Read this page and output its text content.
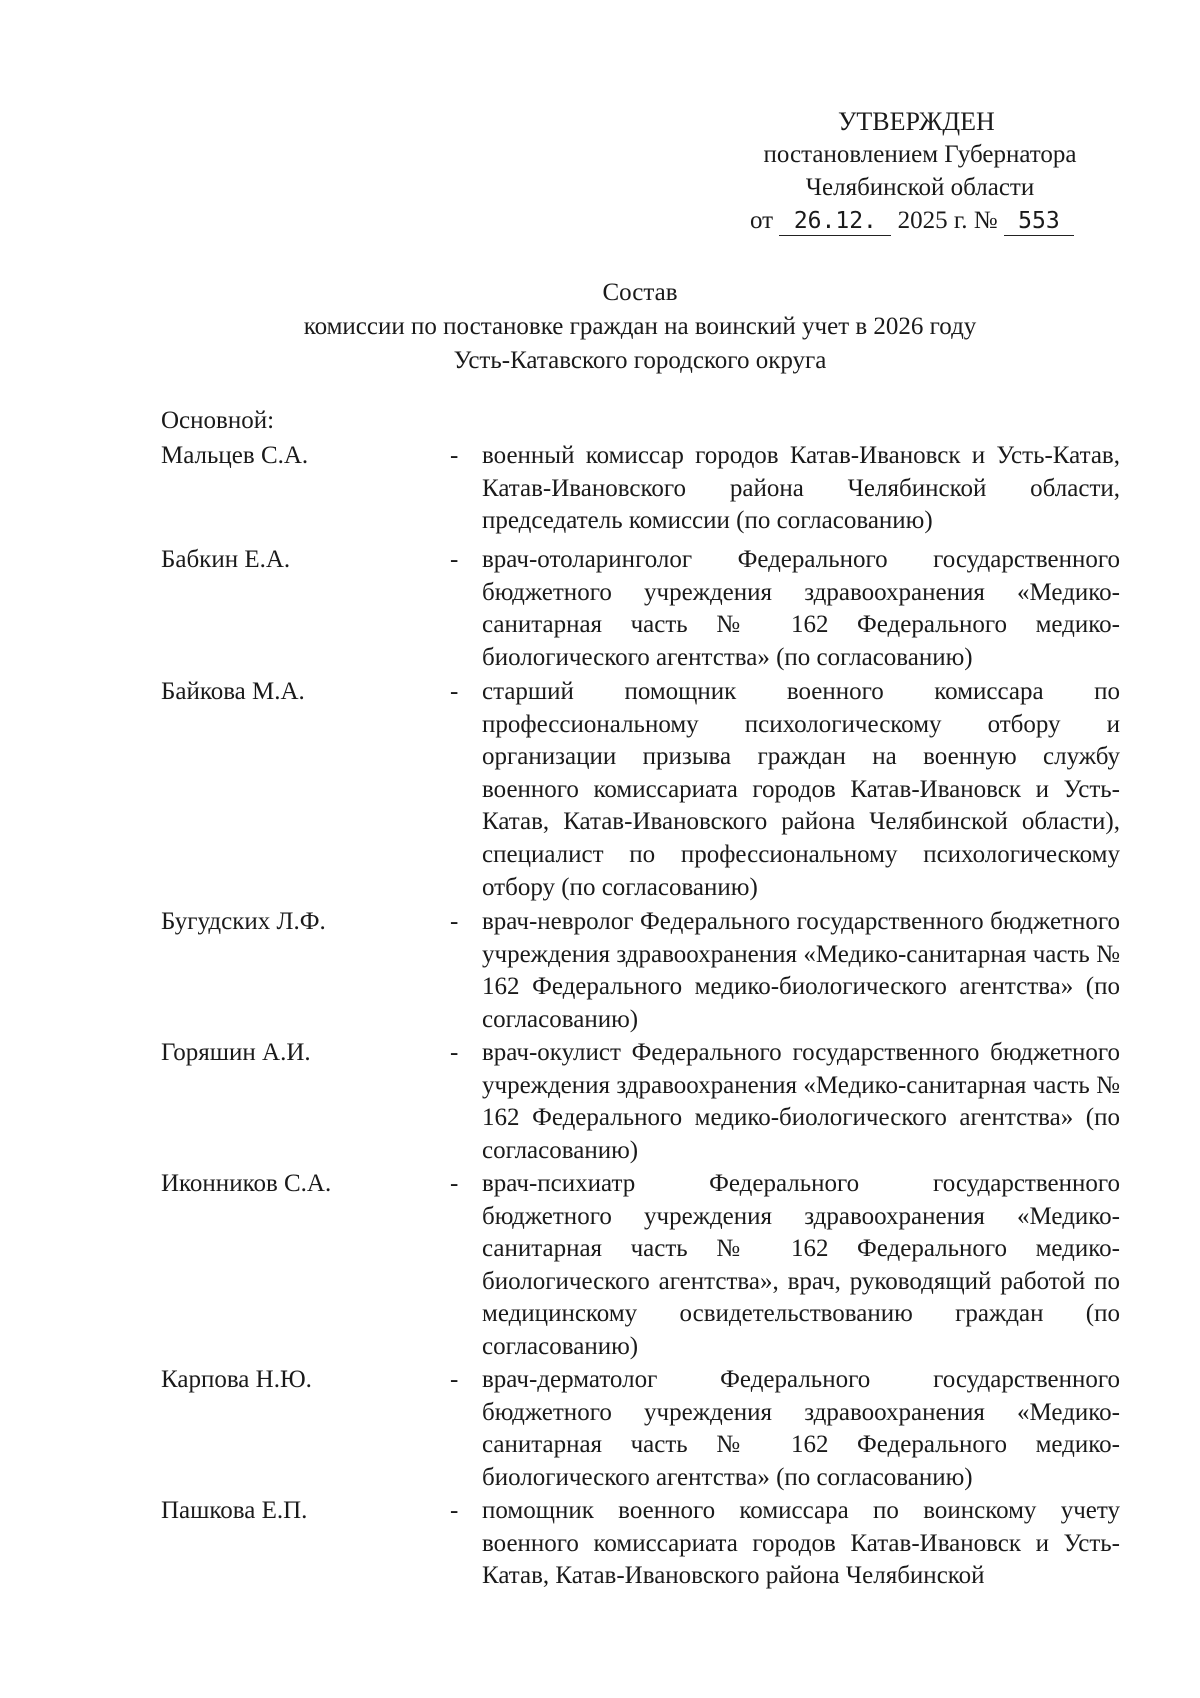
УТВЕРЖДЕН
постановлением Губернатора
Челябинской области
от 26.12. 2025 г. № 553
Состав
комиссии по постановке граждан на воинский учет в 2026 году
Усть-Катавского городского округа
Основной:
Мальцев С.А.	- военный комиссар городов Катав-Ивановск и Усть-Катав, Катав-Ивановского района Челябинской области, председатель комиссии (по согласованию)
Бабкин Е.А.	- врач-отоларинголог Федерального государственного бюджетного учреждения здравоохранения «Медико-санитарная часть № 162 Федерального медико-биологического агентства» (по согласованию)
Байкова М.А.	- старший помощник военного комиссара по профессиональному психологическому отбору и организации призыва граждан на военную службу военного комиссариата городов Катав-Ивановск и Усть-Катав, Катав-Ивановского района Челябинской области), специалист по профессиональному психологическому отбору (по согласованию)
Бугудских Л.Ф.	- врач-невролог Федерального государственного бюджетного учреждения здравоохранения «Медико-санитарная часть № 162 Федерального медико-биологического агентства» (по согласованию)
Горяшин А.И.	- врач-окулист Федерального государственного бюджетного учреждения здравоохранения «Медико-санитарная часть № 162 Федерального медико-биологического агентства» (по согласованию)
Иконников С.А.	- врач-психиатр Федерального государственного бюджетного учреждения здравоохранения «Медико-санитарная часть № 162 Федерального медико-биологического агентства», врач, руководящий работой по медицинскому освидетельствованию граждан (по согласованию)
Карпова Н.Ю.	- врач-дерматолог Федерального государственного бюджетного учреждения здравоохранения «Медико-санитарная часть № 162 Федерального медико-биологического агентства» (по согласованию)
Пашкова Е.П.	- помощник военного комиссара по воинскому учету военного комиссариата городов Катав-Ивановск и Усть-Катав, Катав-Ивановского района Челябинской
